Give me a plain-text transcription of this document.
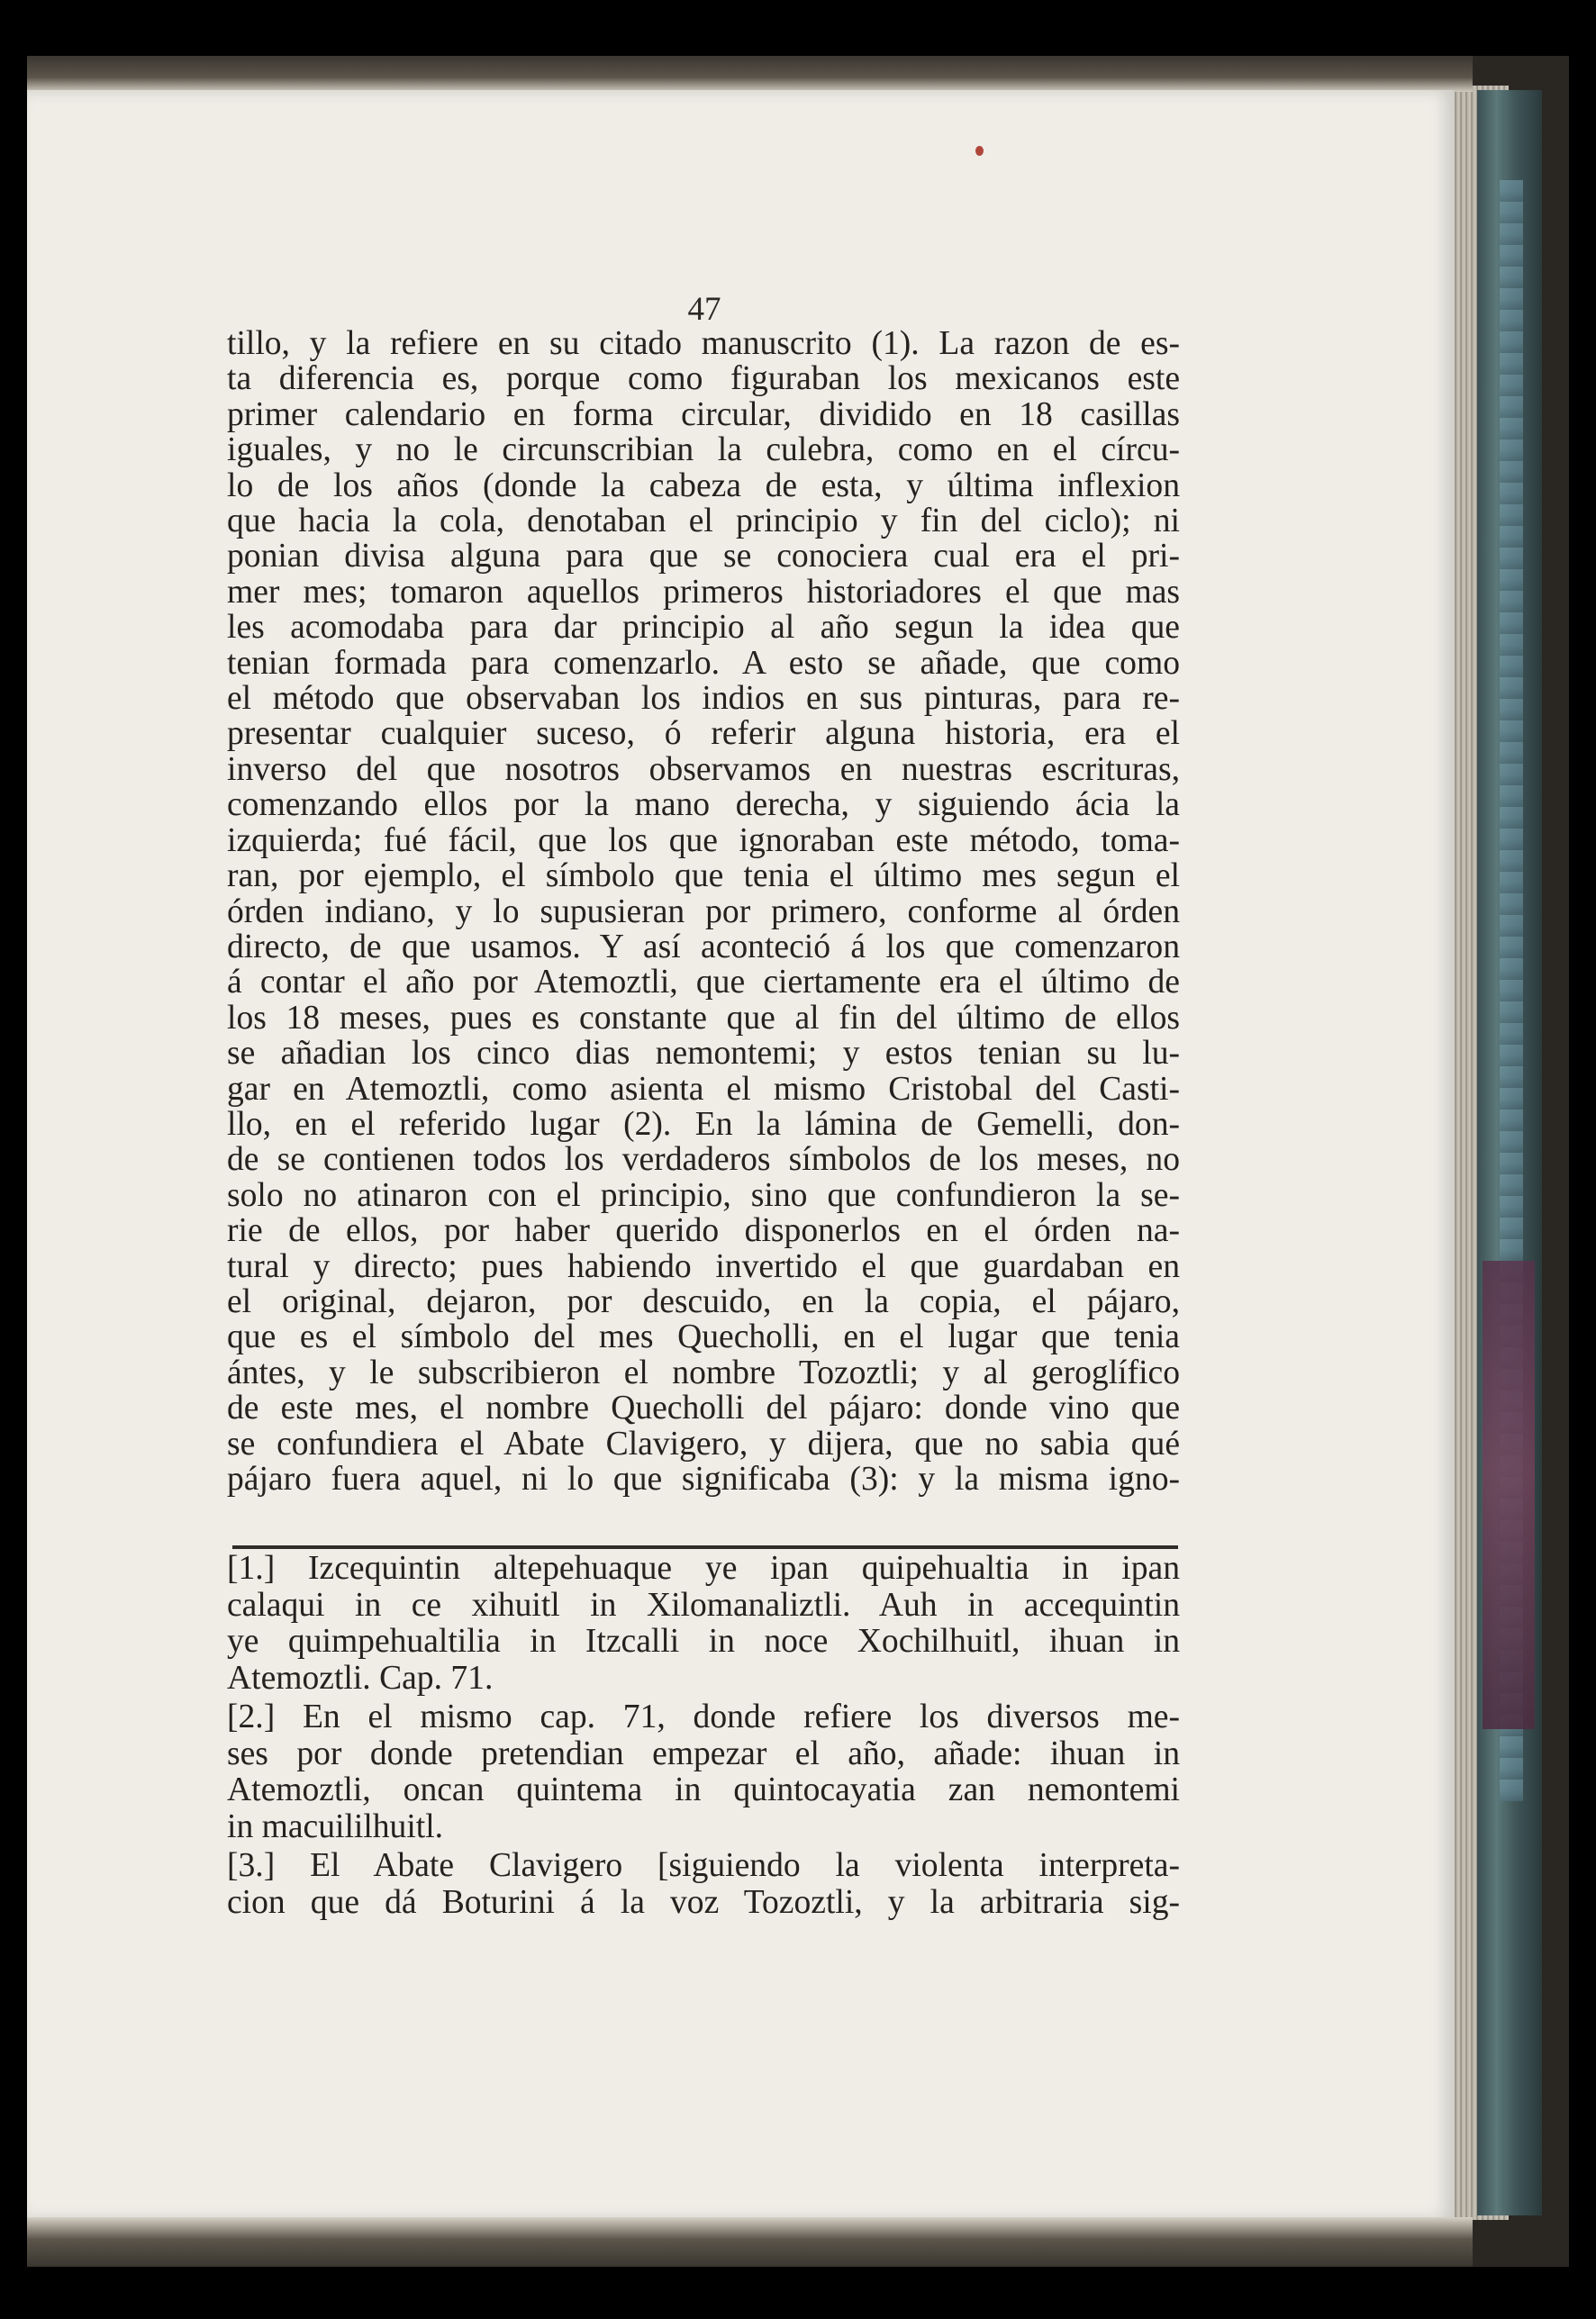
47
tillo, y la refiere en su citado manuscrito (1). La razon de es-
ta diferencia es, porque como figuraban los mexicanos este
primer calendario en forma circular, dividido en 18 casillas
iguales, y no le circunscribian la culebra, como en el círcu-
lo de los años (donde la cabeza de esta, y última inflexion
que hacia la cola, denotaban el principio y fin del ciclo); ni
ponian divisa alguna para que se conociera cual era el pri-
mer mes; tomaron aquellos primeros historiadores el que mas
les acomodaba para dar principio al año segun la idea que
tenian formada para comenzarlo. A esto se añade, que como
el método que observaban los indios en sus pinturas, para re-
presentar cualquier suceso, ó referir alguna historia, era el
inverso del que nosotros observamos en nuestras escrituras,
comenzando ellos por la mano derecha, y siguiendo ácia la
izquierda; fué fácil, que los que ignoraban este método, toma-
ran, por ejemplo, el símbolo que tenia el último mes segun el
órden indiano, y lo supusieran por primero, conforme al órden
directo, de que usamos. Y así aconteció á los que comenzaron
á contar el año por Atemoztli, que ciertamente era el último de
los 18 meses, pues es constante que al fin del último de ellos
se añadian los cinco dias nemontemi; y estos tenian su lu-
gar en Atemoztli, como asienta el mismo Cristobal del Casti-
llo, en el referido lugar (2). En la lámina de Gemelli, don-
de se contienen todos los verdaderos símbolos de los meses, no
solo no atinaron con el principio, sino que confundieron la se-
rie de ellos, por haber querido disponerlos en el órden na-
tural y directo; pues habiendo invertido el que guardaban en
el original, dejaron, por descuido, en la copia, el pájaro,
que es el símbolo del mes Quecholli, en el lugar que tenia
ántes, y le subscribieron el nombre Tozoztli; y al geroglífico
de este mes, el nombre Quecholli del pájaro: donde vino que
se confundiera el Abate Clavigero, y dijera, que no sabia qué
pájaro fuera aquel, ni lo que significaba (3): y la misma igno-
[1.] Izcequintin altepehuaque ye ipan quipehualtia in ipan
calaqui in ce xihuitl in Xilomanaliztli. Auh in accequintin
ye quimpehualtilia in Itzcalli in noce Xochilhuitl, ihuan in
Atemoztli. Cap. 71.
[2.] En el mismo cap. 71, donde refiere los diversos me-
ses por donde pretendian empezar el año, añade: ihuan in
Atemoztli, oncan quintema in quintocayatia zan nemontemi
in macuililhuitl.
[3.] El Abate Clavigero [siguiendo la violenta interpreta-
cion que dá Boturini á la voz Tozoztli, y la arbitraria sig-
